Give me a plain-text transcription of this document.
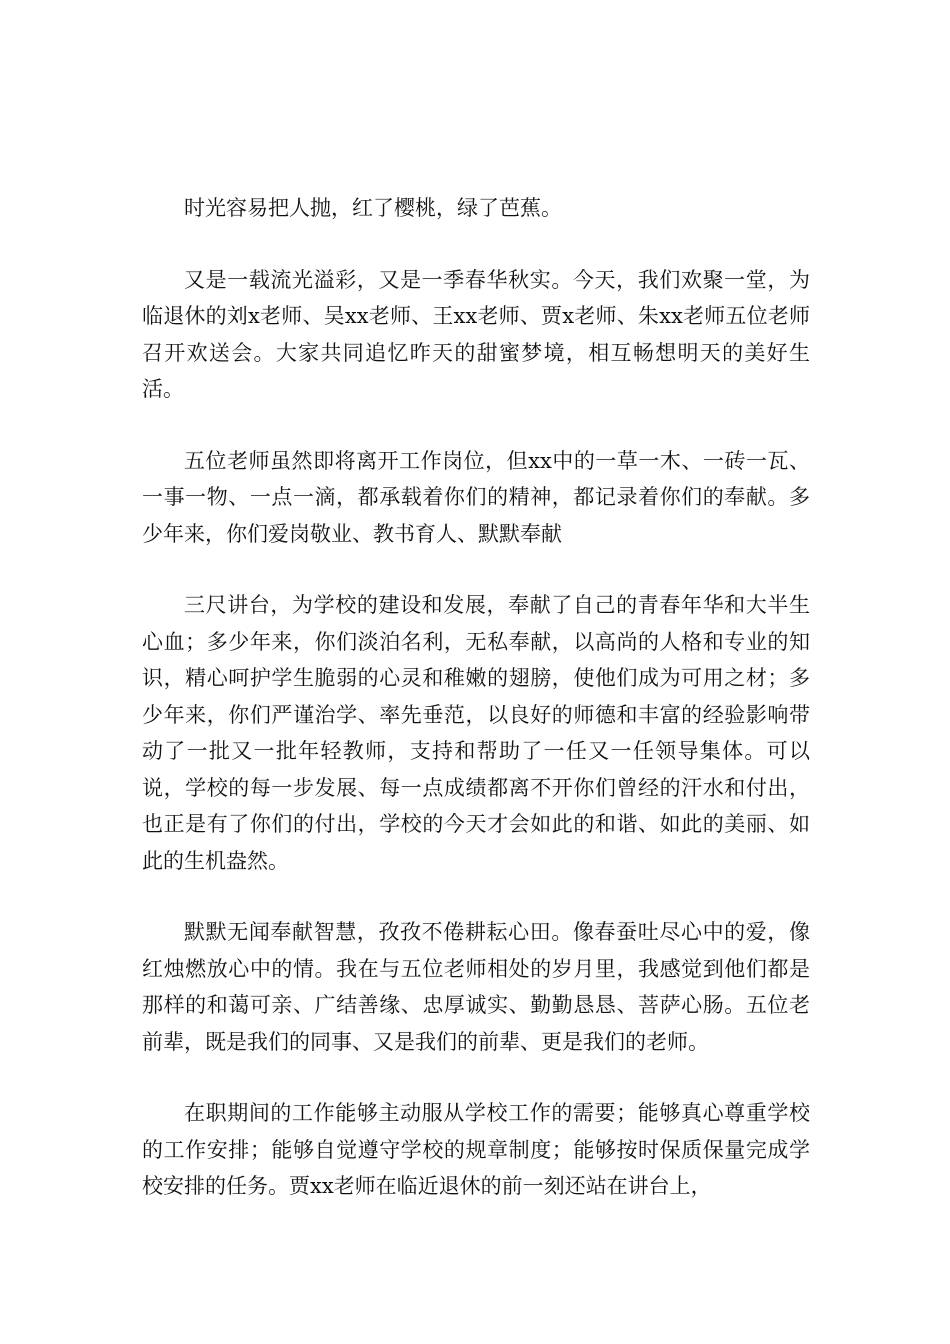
时光容易把人抛，红了樱桃，绿了芭蕉。

又是一载流光溢彩，又是一季春华秋实。今天，我们欢聚一堂，为临退休的刘x老师、吴xx老师、王xx老师、贾x老师、朱xx老师五位老师召开欢送会。大家共同追忆昨天的甜蜜梦境，相互畅想明天的美好生活。

五位老师虽然即将离开工作岗位，但xx中的一草一木、一砖一瓦、一事一物、一点一滴，都承载着你们的精神，都记录着你们的奉献。多少年来，你们爱岗敬业、教书育人、默默奉献

三尺讲台，为学校的建设和发展，奉献了自己的青春年华和大半生心血；多少年来，你们淡泊名利，无私奉献，以高尚的人格和专业的知识，精心呵护学生脆弱的心灵和稚嫩的翅膀，使他们成为可用之材；多少年来，你们严谨治学、率先垂范，以良好的师德和丰富的经验影响带动了一批又一批年轻教师，支持和帮助了一任又一任领导集体。可以说，学校的每一步发展、每一点成绩都离不开你们曾经的汗水和付出，也正是有了你们的付出，学校的今天才会如此的和谐、如此的美丽、如此的生机盎然。

默默无闻奉献智慧，孜孜不倦耕耘心田。像春蚕吐尽心中的爱，像红烛燃放心中的情。我在与五位老师相处的岁月里，我感觉到他们都是那样的和蔼可亲、广结善缘、忠厚诚实、勤勤恳恳、菩萨心肠。五位老前辈，既是我们的同事、又是我们的前辈、更是我们的老师。

在职期间的工作能够主动服从学校工作的需要；能够真心尊重学校的工作安排；能够自觉遵守学校的规章制度；能够按时保质保量完成学校安排的任务。贾xx老师在临近退休的前一刻还站在讲台上，
